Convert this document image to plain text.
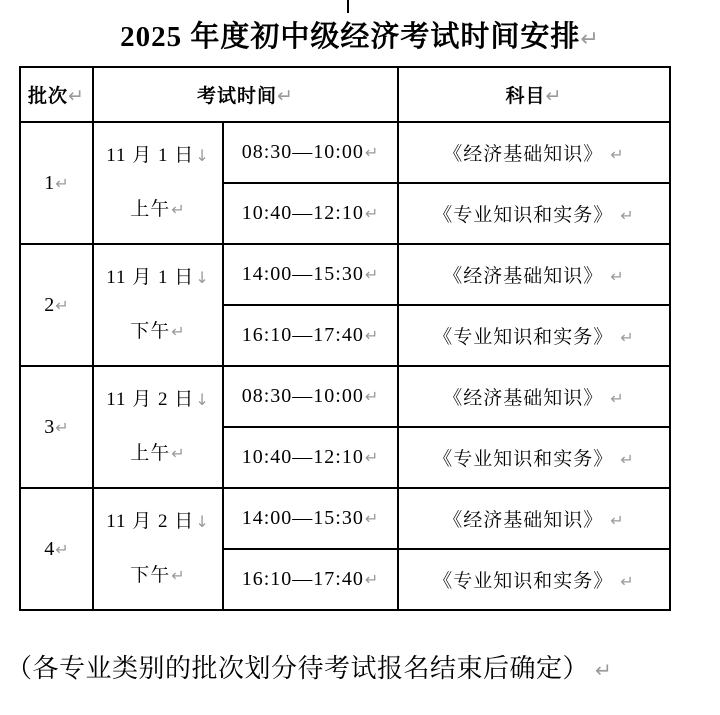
2025 年度初中级经济考试时间安排↵
批次↵	考试时间↵		科目↵
1↵	11 月 1 日↓
上午↵	08:30—10:00↵	《经济基础知识》 ↵
		10:40—12:10↵	《专业知识和实务》 ↵
2↵	11 月 1 日↓
下午↵	14:00—15:30↵	《经济基础知识》 ↵
		16:10—17:40↵	《专业知识和实务》 ↵
3↵	11 月 2 日↓
上午↵	08:30—10:00↵	《经济基础知识》 ↵
		10:40—12:10↵	《专业知识和实务》 ↵
4↵	11 月 2 日↓
下午↵	14:00—15:30↵	《经济基础知识》 ↵
		16:10—17:40↵	《专业知识和实务》 ↵
（各专业类别的批次划分待考试报名结束后确定） ↵
